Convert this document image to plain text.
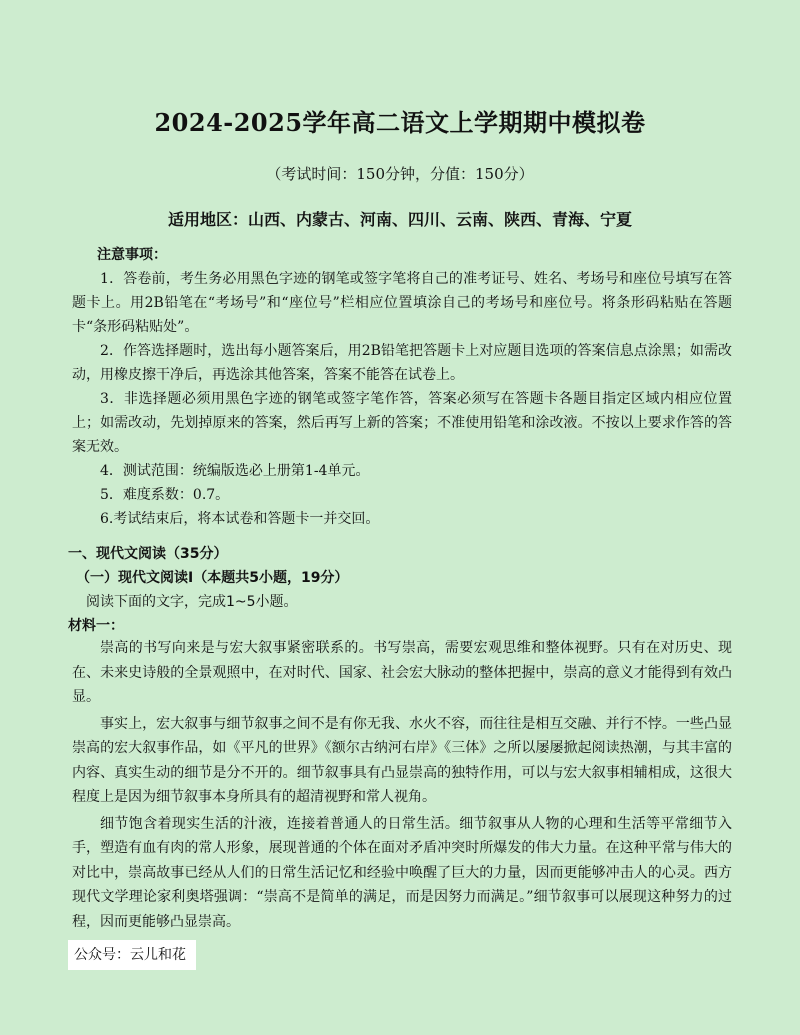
2024-2025学年高二语文上学期期中模拟卷
（考试时间：150分钟，分值：150分）
适用地区：山西、内蒙古、河南、四川、云南、陕西、青海、宁夏
注意事项：

1．答卷前，考生务必用黑色字迹的钢笔或签字笔将自己的准考证号、姓名、考场号和座位号填写在答题卡上。用2B铅笔在“考场号”和“座位号”栏相应位置填涂自己的考场号和座位号。将条形码粘贴在答题卡“条形码粘贴处”。

2．作答选择题时，选出每小题答案后，用2B铅笔把答题卡上对应题目选项的答案信息点涂黑；如需改动，用橡皮擦干净后，再选涂其他答案，答案不能答在试卷上。

3．非选择题必须用黑色字迹的钢笔或签字笔作答，答案必须写在答题卡各题目指定区域内相应位置上；如需改动，先划掉原来的答案，然后再写上新的答案；不准使用铅笔和涂改液。不按以上要求作答的答案无效。

4．测试范围：统编版选必上册第1-4单元。

5．难度系数：0.7。

6.考试结束后，将本试卷和答题卡一并交回。

一、现代文阅读（35分）
（一）现代文阅读Ⅰ（本题共5小题，19分）
阅读下面的文字，完成1~5小题。
材料一：

崇高的书写向来是与宏大叙事紧密联系的。书写崇高，需要宏观思维和整体视野。只有在对历史、现在、未来史诗般的全景观照中，在对时代、国家、社会宏大脉动的整体把握中，崇高的意义才能得到有效凸显。

事实上，宏大叙事与细节叙事之间不是有你无我、水火不容，而往往是相互交融、并行不悖。一些凸显崇高的宏大叙事作品，如《平凡的世界》《额尔古纳河右岸》《三体》之所以屡屡掀起阅读热潮，与其丰富的内容、真实生动的细节是分不开的。细节叙事具有凸显崇高的独特作用，可以与宏大叙事相辅相成，这很大程度上是因为细节叙事本身所具有的超清视野和常人视角。

细节饱含着现实生活的汁液，连接着普通人的日常生活。细节叙事从人物的心理和生活等平常细节入手，塑造有血有肉的常人形象，展现普通的个体在面对矛盾冲突时所爆发的伟大力量。在这种平常与伟大的对比中，崇高故事已经从人们的日常生活记忆和经验中唤醒了巨大的力量，因而更能够冲击人的心灵。西方现代文学理论家利奥塔强调：“崇高不是简单的满足，而是因努力而满足。”细节叙事可以展现这种努力的过程，因而更能够凸显崇高。

公众号：云儿和花
